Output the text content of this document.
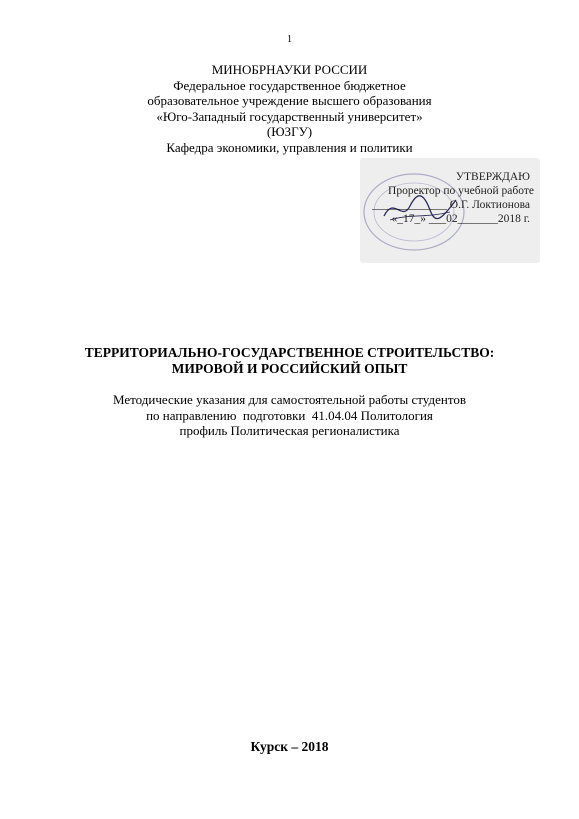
1
МИНОБРНАУКИ РОССИИ
Федеральное государственное бюджетное
образовательное учреждение высшего образования
«Юго-Западный государственный университет»
(ЮЗГУ)
Кафедра экономики, управления и политики
УТВЕРЖДАЮ
Проректор по учебной работе
_____________ О.Г. Локтионова
«_17_» ___02_______2018 г.
ТЕРРИТОРИАЛЬНО-ГОСУДАРСТВЕННОЕ СТРОИТЕЛЬСТВО:
МИРОВОЙ И РОССИЙСКИЙ ОПЫТ
Методические указания для самостоятельной работы студентов
по направлению  подготовки  41.04.04 Политология
профиль Политическая регионалистика
Курск – 2018
